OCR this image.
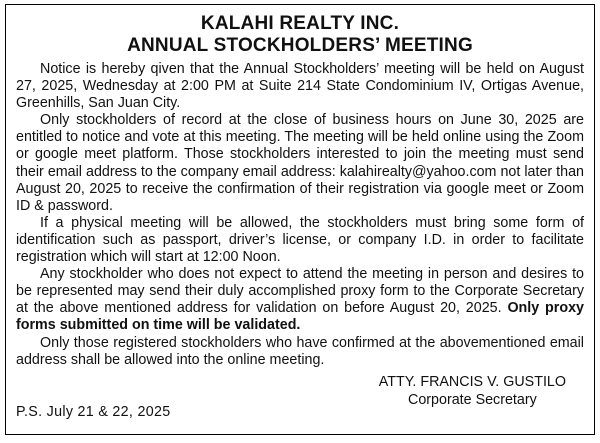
KALAHI REALTY INC.
ANNUAL STOCKHOLDERS’ MEETING

Notice is hereby qiven that the Annual Stockholders’ meeting will be held on August 27, 2025, Wednesday at 2:00 PM at Suite 214 State Condominium IV, Ortigas Avenue, Greenhills, San Juan City.

Only stockholders of record at the close of business hours on June 30, 2025 are entitled to notice and vote at this meeting. The meeting will be held online using the Zoom or google meet platform. Those stockholders interested to join the meeting must send their email address to the company email address: kalahirealty@yahoo.com not later than August 20, 2025 to receive the confirmation of their registration via google meet or Zoom ID & password.

If a physical meeting will be allowed, the stockholders must bring some form of identification such as passport, driver’s license, or company I.D. in order to facilitate registration which will start at 12:00 Noon.

Any stockholder who does not expect to attend the meeting in person and desires to be represented may send their duly accomplished proxy form to the Corporate Secretary at the above mentioned address for validation on before August 20, 2025. Only proxy forms submitted on time will be validated.

Only those registered stockholders who have confirmed at the abovementioned email address shall be allowed into the online meeting.

ATTY. FRANCIS V. GUSTILO
Corporate Secretary
P.S. July 21 & 22, 2025
